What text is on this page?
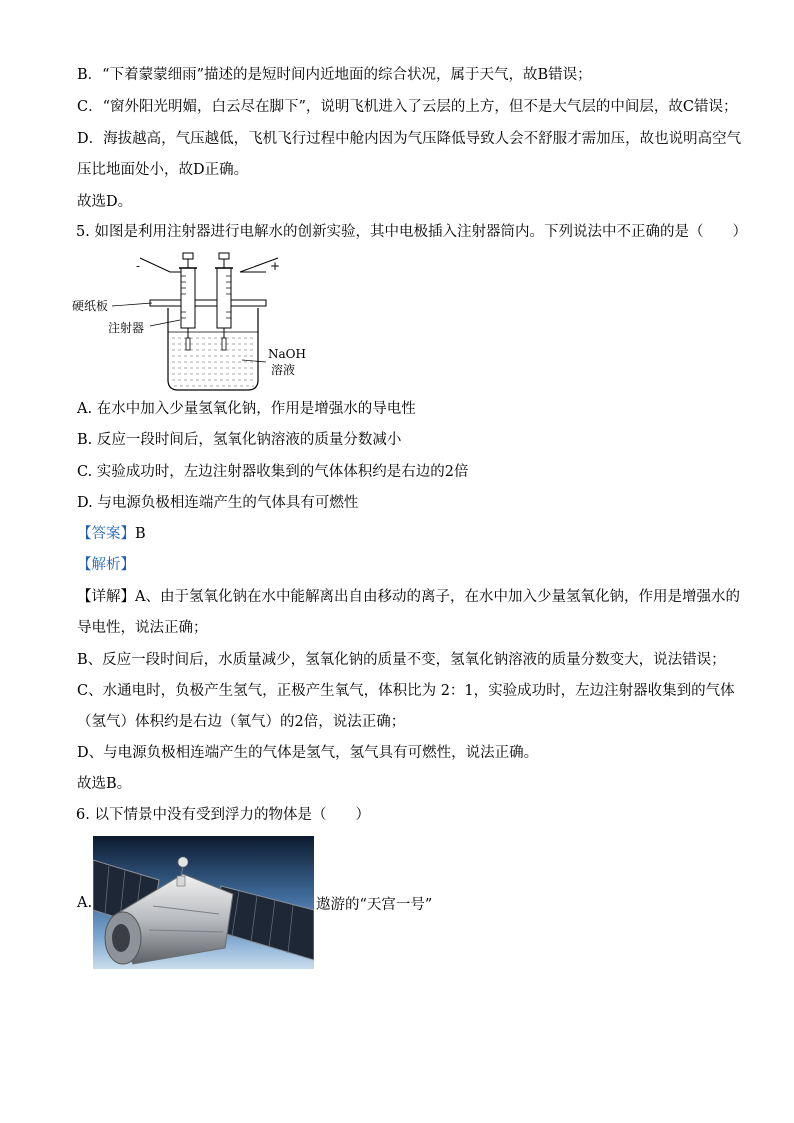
B．“下着蒙蒙细雨”描述的是短时间内近地面的综合状况，属于天气，故B错误；
C．“窗外阳光明媚，白云尽在脚下”，说明飞机进入了云层的上方，但不是大气层的中间层，故C错误；
D．海拔越高，气压越低，飞机飞行过程中舱内因为气压降低导致人会不舒服才需加压，故也说明高空气
压比地面处小，故D正确。
故选D。
5. 如图是利用注射器进行电解水的创新实验，其中电极插入注射器筒内。下列说法中不正确的是（　　）
-	+
硬纸板
注射器
NaOH
溶液
A. 在水中加入少量氢氧化钠，作用是增强水的导电性
B. 反应一段时间后，氢氧化钠溶液的质量分数减小
C. 实验成功时，左边注射器收集到的气体体积约是右边的2倍
D. 与电源负极相连端产生的气体具有可燃性
【答案】B
【解析】
【详解】A、由于氢氧化钠在水中能解离出自由移动的离子，在水中加入少量氢氧化钠，作用是增强水的
导电性，说法正确；
B、反应一段时间后，水质量减少，氢氧化钠的质量不变，氢氧化钠溶液的质量分数变大，说法错误；
C、水通电时，负极产生氢气，正极产生氧气，体积比为 2：1，实验成功时，左边注射器收集到的气体
（氢气）体积约是右边（氧气）的2倍，说法正确；
D、与电源负极相连端产生的气体是氢气，氢气具有可燃性，说法正确。
故选B。
6. 以下情景中没有受到浮力的物体是（　　）
A.	遨游的“天宫一号”
